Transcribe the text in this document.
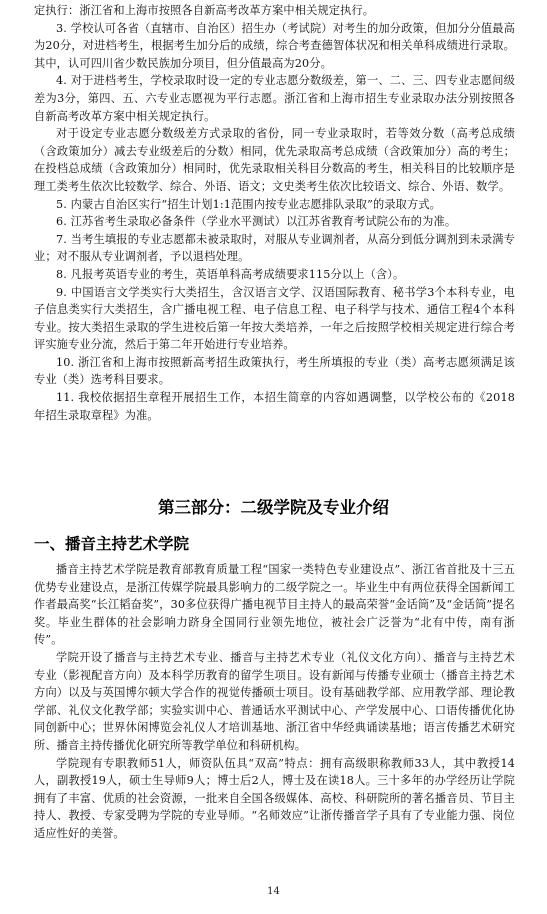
定执行：浙江省和上海市按照各自新高考改革方案中相关规定执行。

3. 学校认可各省（直辖市、自治区）招生办（考试院）对考生的加分政策，但加分分值最高为20分，对进档考生，根据考生加分后的成绩，综合考查德智体状况和相关单科成绩进行录取。其中，认可四川省少数民族加分项目，但分值最高为20分。

4. 对于进档考生，学校录取时设一定的专业志愿分数级差，第一、二、三、四专业志愿间级差为3分，第四、五、六专业志愿视为平行志愿。浙江省和上海市招生专业录取办法分别按照各自新高考改革方案中相关规定执行。

对于设定专业志愿分数级差方式录取的省份，同一专业录取时，若等效分数（高考总成绩（含政策加分）减去专业级差后的分数）相同，优先录取高考总成绩（含政策加分）高的考生；在投档总成绩（含政策加分）相同时，优先录取相关科目分数高的考生，相关科目的比较顺序是理工类考生依次比较数学、综合、外语、语文；文史类考生依次比较语文、综合、外语、数学。

5. 内蒙古自治区实行“招生计划1:1范围内按专业志愿排队录取”的录取方式。

6. 江苏省考生录取必备条件（学业水平测试）以江苏省教育考试院公布的为准。

7. 当考生填报的专业志愿都未被录取时，对服从专业调剂者，从高分到低分调剂到未录满专业；对不服从专业调剂者，予以退档处理。

8. 凡报考英语专业的考生，英语单科高考成绩要求115分以上（含）。

9. 中国语言文学类实行大类招生，含汉语言文学、汉语国际教育、秘书学3个本科专业，电子信息类实行大类招生，含广播电视工程、电子信息工程、电子科学与技术、通信工程4个本科专业。按大类招生录取的学生进校后第一年按大类培养，一年之后按照学校相关规定进行综合考评实施专业分流，然后于第二年开始进行专业培养。

10. 浙江省和上海市按照新高考招生政策执行，考生所填报的专业（类）高考志愿须满足该专业（类）选考科目要求。

11. 我校依据招生章程开展招生工作，本招生简章的内容如遇调整，以学校公布的《2018年招生录取章程》为准。

第三部分：二级学院及专业介绍
一、播音主持艺术学院

播音主持艺术学院是教育部教育质量工程“国家一类特色专业建设点”、浙江省首批及十三五优势专业建设点，是浙江传媒学院最具影响力的二级学院之一。毕业生中有两位获得全国新闻工作者最高奖“长江韬奋奖”，30多位获得广播电视节目主持人的最高荣誉“金话筒”及“金话筒”提名奖。毕业生群体的社会影响力跻身全国同行业领先地位，被社会广泛誉为“北有中传，南有浙传”。

学院开设了播音与主持艺术专业、播音与主持艺术专业（礼仪文化方向）、播音与主持艺术专业（影视配音方向）及本科学历教育的留学生项目。设有新闻与传播专业硕士（播音主持艺术方向）以及与英国博尔顿大学合作的视觉传播硕士项目。设有基础教学部、应用教学部、理论教学部、礼仪文化教学部；实验实训中心、普通话水平测试中心、产学发展中心、口语传播优化协同创新中心；世界休闲博览会礼仪人才培训基地、浙江省中华经典诵读基地；语言传播艺术研究所、播音主持传播优化研究所等教学单位和科研机构。

学院现有专职教师51人，师资队伍具“双高”特点：拥有高级职称教师33人，其中教授14人，副教授19人，硕士生导师9人；博士后2人，博士及在读18人。三十多年的办学经历让学院拥有了丰富、优质的社会资源，一批来自全国各级媒体、高校、科研院所的著名播音员、节目主持人、教授、专家受聘为学院的专业导师。“名师效应”让浙传播音学子具有了专业能力强、岗位适应性好的美誉。

14
